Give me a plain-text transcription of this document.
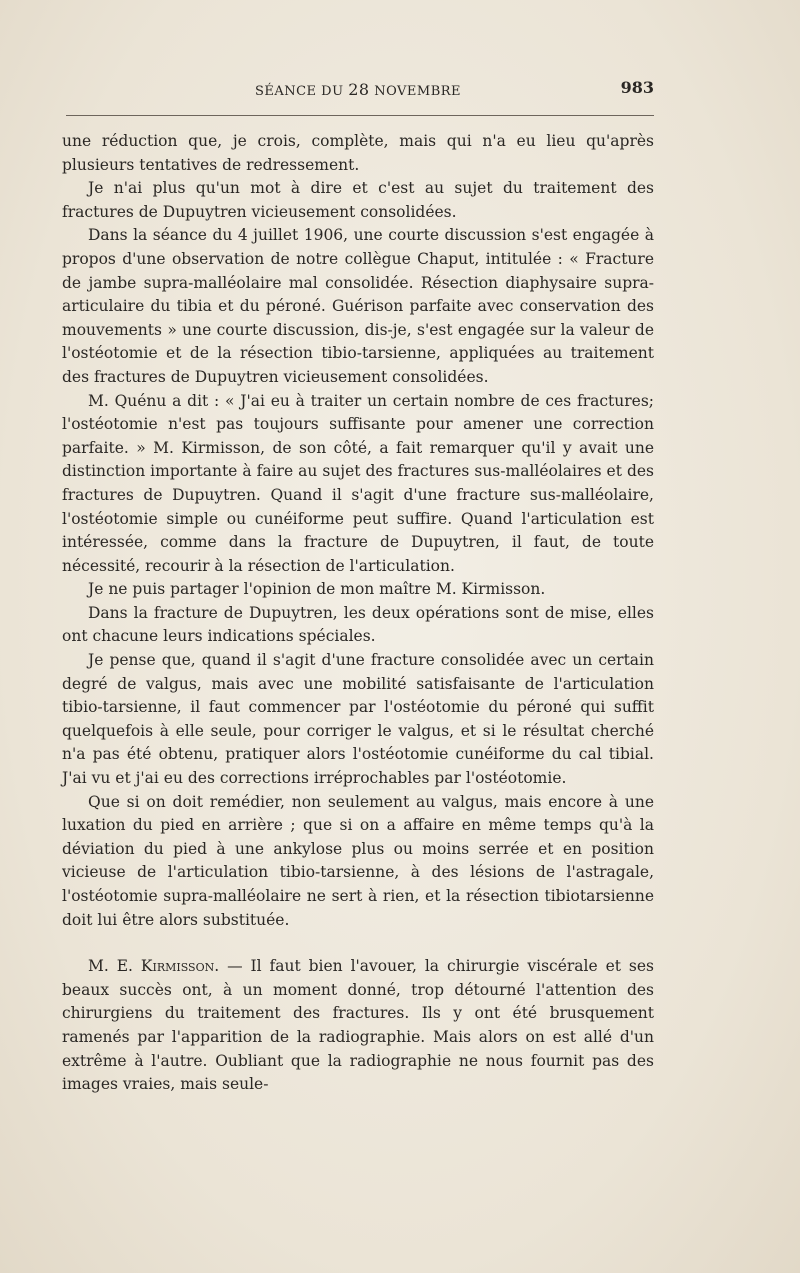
SÉANCE DU 28 NOVEMBRE	983

une réduction que, je crois, complète, mais qui n'a eu lieu qu'après plusieurs tentatives de redressement.

Je n'ai plus qu'un mot à dire et c'est au sujet du traitement des fractures de Dupuytren vicieusement consolidées.

Dans la séance du 4 juillet 1906, une courte discussion s'est engagée à propos d'une observation de notre collègue Chaput, intitulée : « Fracture de jambe supra-malléolaire mal consolidée. Résection diaphysaire supra-articulaire du tibia et du péroné. Guérison parfaite avec conservation des mouvements » une courte discussion, dis-je, s'est engagée sur la valeur de l'ostéotomie et de la résection tibio-tarsienne, appliquées au traitement des fractures de Dupuytren vicieusement consolidées.

M. Quénu a dit : « J'ai eu à traiter un certain nombre de ces fractures; l'ostéotomie n'est pas toujours suffisante pour amener une correction parfaite. » M. Kirmisson, de son côté, a fait remarquer qu'il y avait une distinction importante à faire au sujet des fractures sus-malléolaires et des fractures de Dupuytren. Quand il s'agit d'une fracture sus-malléolaire, l'ostéotomie simple ou cunéiforme peut suffire. Quand l'articulation est intéressée, comme dans la fracture de Dupuytren, il faut, de toute nécessité, recourir à la résection de l'articulation.

Je ne puis partager l'opinion de mon maître M. Kirmisson.

Dans la fracture de Dupuytren, les deux opérations sont de mise, elles ont chacune leurs indications spéciales.

Je pense que, quand il s'agit d'une fracture consolidée avec un certain degré de valgus, mais avec une mobilité satisfaisante de l'articulation tibio-tarsienne, il faut commencer par l'ostéotomie du péroné qui suffit quelquefois à elle seule, pour corriger le valgus, et si le résultat cherché n'a pas été obtenu, pratiquer alors l'ostéotomie cunéiforme du cal tibial. J'ai vu et j'ai eu des corrections irréprochables par l'ostéotomie.

Que si on doit remédier, non seulement au valgus, mais encore à une luxation du pied en arrière ; que si on a affaire en même temps qu'à la déviation du pied à une ankylose plus ou moins serrée et en position vicieuse de l'articulation tibio-tarsienne, à des lésions de l'astragale, l'ostéotomie supra-malléolaire ne sert à rien, et la résection tibiotarsienne doit lui être alors substituée.

M. E. Kirmisson. — Il faut bien l'avouer, la chirurgie viscérale et ses beaux succès ont, à un moment donné, trop détourné l'attention des chirurgiens du traitement des fractures. Ils y ont été brusquement ramenés par l'apparition de la radiographie. Mais alors on est allé d'un extrême à l'autre. Oubliant que la radiographie ne nous fournit pas des images vraies, mais seule-
